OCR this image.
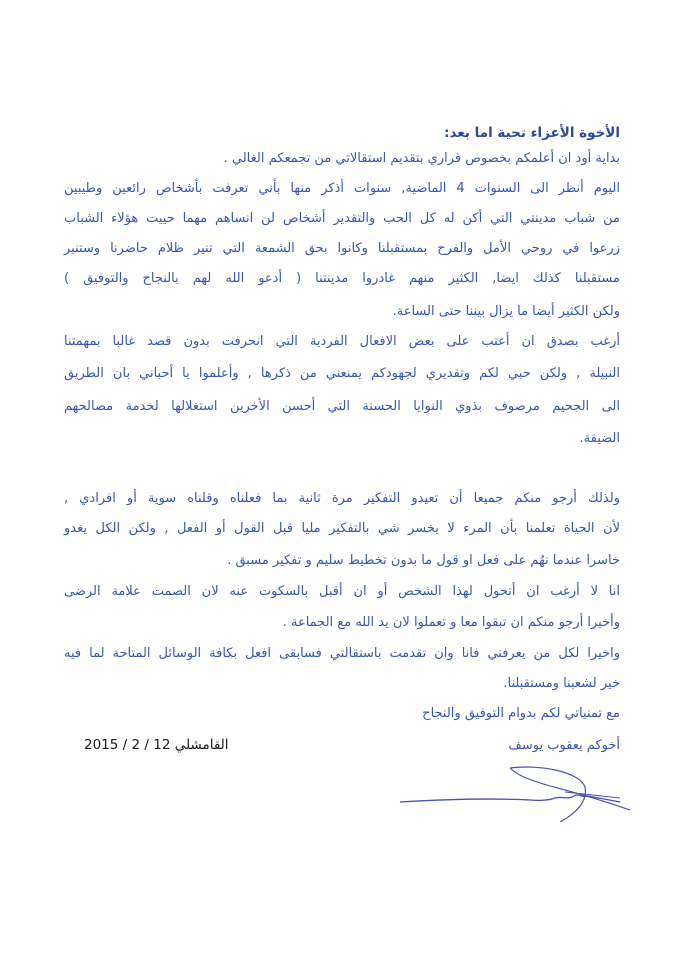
الأخوة الأعزاء تحية اما بعد:
بداية أود ان أعلمكم بخصوص قراري بتقديم استقالاتي من تجمعكم الغالي .
اليوم أنظر الى السنوات 4 الماضية, سنوات أذكر منها بأني تعرفت بأشخاص رائعين وطيبين
من شباب مدينتي التي أكن له كل الحب والتقدير أشخاص لن انساهم مهما حييت هؤلاء الشباب
زرعوا في روحي الأمل والفرح بمستقبلنا وكانوا بحق الشمعة التي تنير ظلام حاضرنا وستنير
مستقبلنا كذلك ايضا, الكثير منهم غادروا مدينتنا ( أدعو الله لهم بالنجاح والتوفيق )
ولكن الكثير أيضا ما يزال بيننا حتى الساعة.
أرغب بصدق ان أعتب على بعض الافعال الفردية التي انحرفت بدون قصد غالبا بمهمتنا
النبيلة , ولكن حبي لكم وتقديري لجهودكم يمنعني من ذكرها , وأعلموا يا أحباني بان الطريق
الى الجحيم مرصوف بذوي النوايا الحسنة التي أحسن الأخرين استغلالها لخدمة مصالحهم
الضيقة.
ولذلك أرجو منكم جميعا أن تعيدو التفكير مرة ثانية بما فعلناه وقلناه سوية أو افرادي ,
لأن الحياة تعلمنا بأن المرء لا يخسر شي بالتفكير مليا قبل القول أو الفعل , ولكن الكل يغدو
خاسرا عندما نهُم على فعل او قول ما بدون تخطيط سليم و تفكير مسبق .
انا لا أرغب ان أتحول لهذا الشخص أو ان أقبل بالسكوت عنه لان الصمت علامة الرضى
وأخيرا أرجو منكم ان تبقوا معا و تعملوا لان يد الله مع الجماعة .
واخيرا لكل من يعرفني فانا وان تقدمت باستقالتي فسابقى افعل بكافة الوسائل المتاحة لما فيه
خير لشعبنا ومستقبلنا.
مع تمنياتي لكم بدوام التوفيق والنجاح
أخوكم يعقوب يوسف
القامشلي 12 / 2 / 2015
